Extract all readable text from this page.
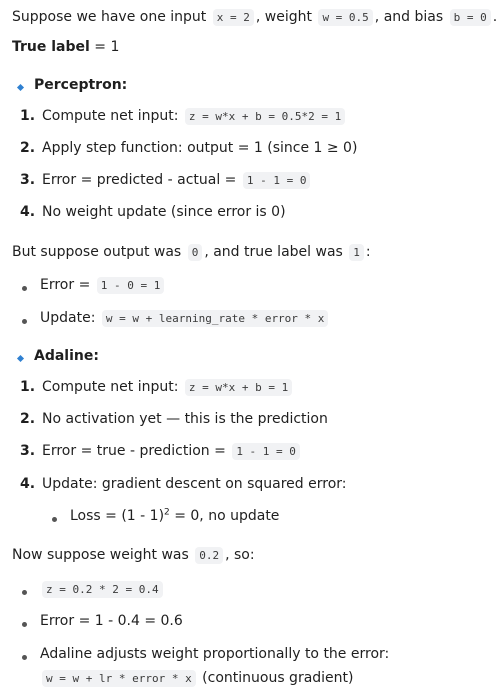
Suppose we have one input x = 2 , weight w = 0.5 , and bias b = 0 .
True label = 1
Perceptron:
1. Compute net input: z = w*x + b = 0.5*2 = 1
2. Apply step function: output = 1 (since 1 ≥ 0)
3. Error = predicted - actual = 1 - 1 = 0
4. No weight update (since error is 0)
But suppose output was 0 , and true label was 1 :
Error = 1 - 0 = 1
Update: w = w + learning_rate * error * x
Adaline:
1. Compute net input: z = w*x + b = 1
2. No activation yet — this is the prediction
3. Error = true - prediction = 1 - 1 = 0
4. Update: gradient descent on squared error:
Loss = (1 - 1)$^2$ = 0, no update
Now suppose weight was 0.2 , so:
z = 0.2 * 2 = 0.4
Error = 1 - 0.4 = 0.6
Adaline adjusts weight proportionally to the error:
w = w + lr * error * x (continuous gradient)
